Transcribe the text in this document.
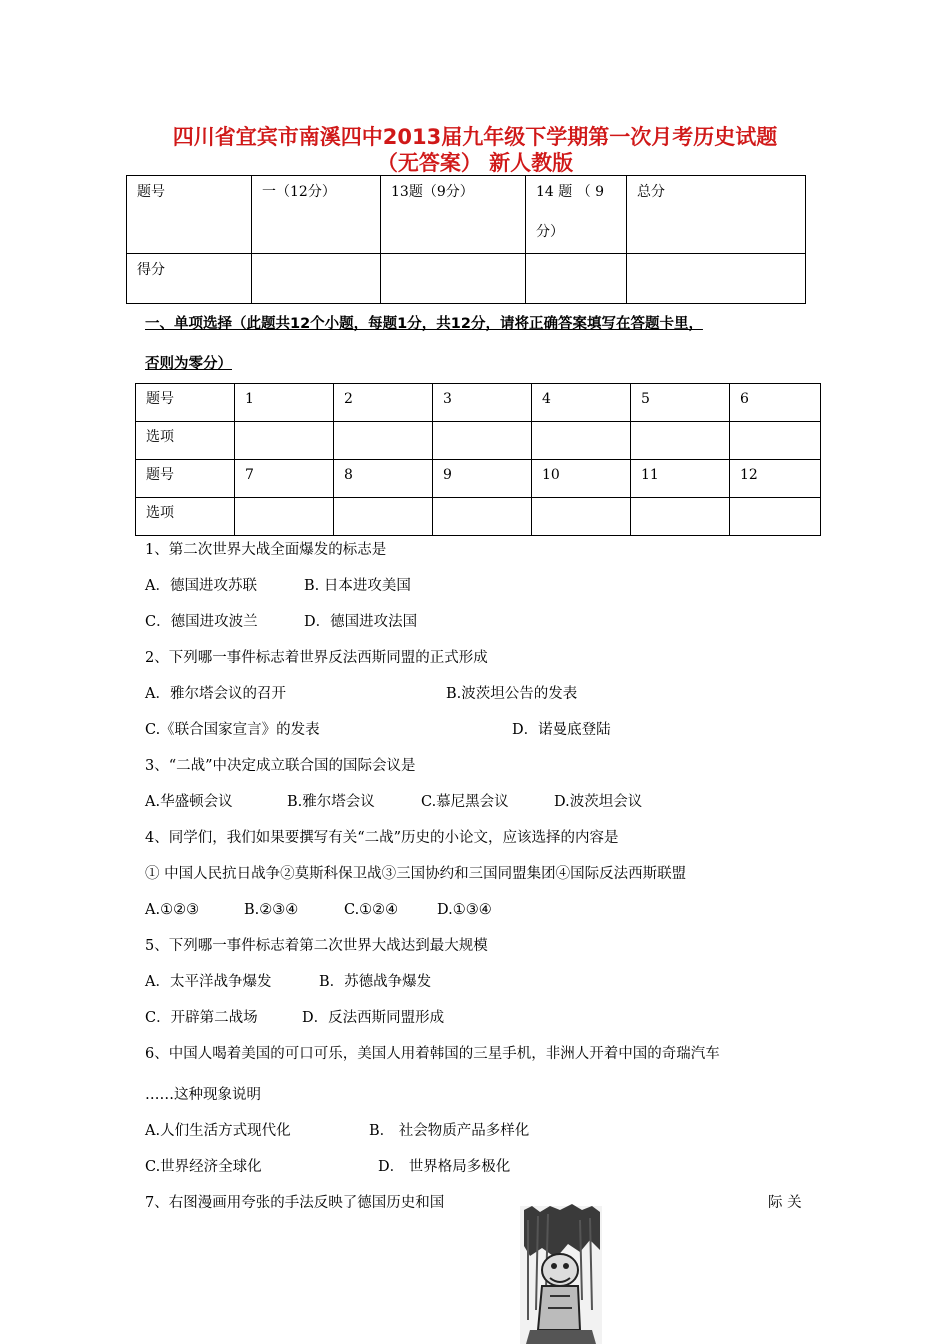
四川省宜宾市南溪四中2013届九年级下学期第一次月考历史试题
（无答案） 新人教版
题号	一（12分）	13题（9分）	14 题 （ 9
分）	总分
得分				
一、单项选择（此题共12个小题，每题1分，共12分，请将正确答案填写在答题卡里，
否则为零分）
题号	1	2	3	4	5	6
选项						
题号	7	8	9	10	11	12
选项						
1、第二次世界大战全面爆发的标志是
A．德国进攻苏联	B. 日本进攻美国
C．德国进攻波兰	D．德国进攻法国
2、下列哪一事件标志着世界反法西斯同盟的正式形成
A．雅尔塔会议的召开	B.波茨坦公告的发表
C.《联合国家宣言》的发表	D．诺曼底登陆
3、“二战”中决定成立联合国的国际会议是
A.华盛顿会议	B.雅尔塔会议	C.慕尼黑会议	D.波茨坦会议
4、同学们，我们如果要撰写有关“二战”历史的小论文，应该选择的内容是
① 中国人民抗日战争②莫斯科保卫战③三国协约和三国同盟集团④国际反法西斯联盟
A.①②③	B.②③④	C.①②④	D.①③④
5、下列哪一事件标志着第二次世界大战达到最大规模
A．太平洋战争爆发	B．苏德战争爆发
C．开辟第二战场	D．反法西斯同盟形成
6、中国人喝着美国的可口可乐，美国人用着韩国的三星手机，非洲人开着中国的奇瑞汽车
……这种现象说明
A.人们生活方式现代化	B． 社会物质产品多样化
C.世界经济全球化	D． 世界格局多极化
7、右图漫画用夸张的手法反映了德国历史和国	际 关
